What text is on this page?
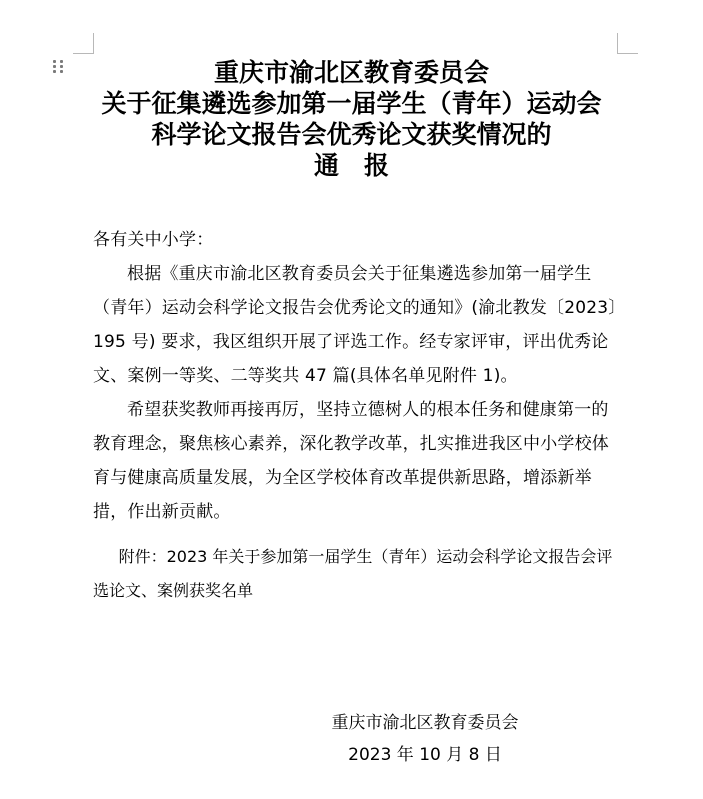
重庆市渝北区教育委员会
关于征集遴选参加第一届学生（青年）运动会
科学论文报告会优秀论文获奖情况的
通　报

各有关中小学：

根据《重庆市渝北区教育委员会关于征集遴选参加第一届学生（青年）运动会科学论文报告会优秀论文的通知》(渝北教发〔2023〕195 号) 要求，我区组织开展了评选工作。经专家评审，评出优秀论文、案例一等奖、二等奖共 47 篇(具体名单见附件 1)。

希望获奖教师再接再厉，坚持立德树人的根本任务和健康第一的教育理念，聚焦核心素养，深化教学改革，扎实推进我区中小学校体育与健康高质量发展，为全区学校体育改革提供新思路，增添新举措，作出新贡献。

附件：2023 年关于参加第一届学生（青年）运动会科学论文报告会评选论文、案例获奖名单

重庆市渝北区教育委员会
2023 年 10 月 8 日
